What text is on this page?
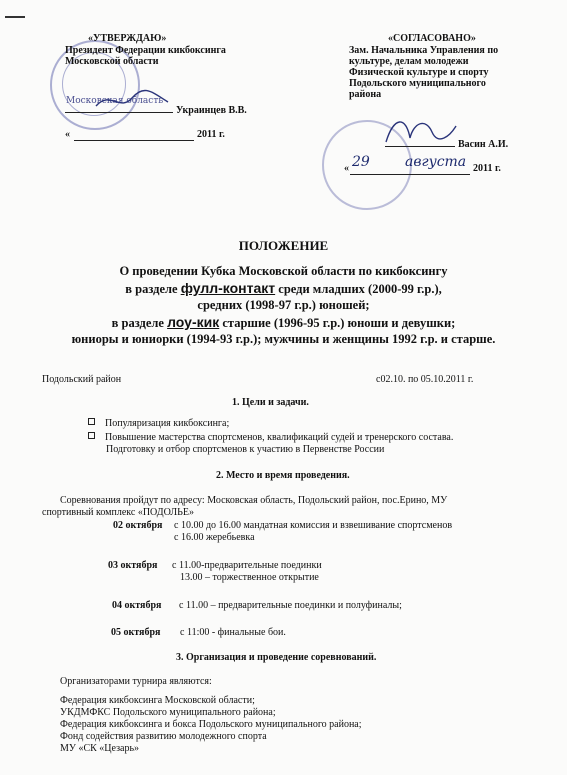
Московская область
«УТВЕРЖДАЮ»
Президент Федерации кикбоксинга
Московской области
Украинцев В.В.
«	2011 г.
«СОГЛАСОВАНО»
Зам. Начальника Управления по
культуре, делам молодежи
Физической культуре и спорту
Подольского муниципального
района
Васин А.И.
« 29	августа 2011 г.
ПОЛОЖЕНИЕ
О проведении Кубка Московской области по кикбоксингу
в разделе фулл-контакт среди младших (2000-99 г.р.),
средних (1998-97 г.р.) юношей;
в разделе лоу-кик старшие (1996-95 г.р.) юноши и девушки;
юниоры и юниорки (1994-93 г.р.); мужчины и женщины 1992 г.р. и старше.
Подольский район	с02.10. по 05.10.2011 г.
1. Цели и задачи.
Популяризация кикбоксинга;
Повышение мастерства спортсменов, квалификаций судей и тренерского состава.
Подготовку и отбор спортсменов к участию в Первенстве России
2. Место и время проведения.
Соревнования пройдут по адресу: Московская область, Подольский район, пос.Ерино, МУ
спортивный комплекс «ПОДОЛЬЕ»
02 октября с 10.00 до 16.00 мандатная комиссия и взвешивание спортсменов
с 16.00 жеребьевка
03 октября с 11.00-предварительные поединки
13.00 – торжественное открытие
04 октября с 11.00 – предварительные поединки и полуфиналы;
05 октября с 11:00 - финальные бои.
3. Организация и проведение соревнований.
Организаторами турнира являются:
Федерация кикбоксинга Московской области;
УКДМФКС Подольского муниципального района;
Федерация кикбоксинга и бокса Подольского муниципального района;
Фонд содействия развитию молодежного спорта
МУ «СК «Цезарь»
